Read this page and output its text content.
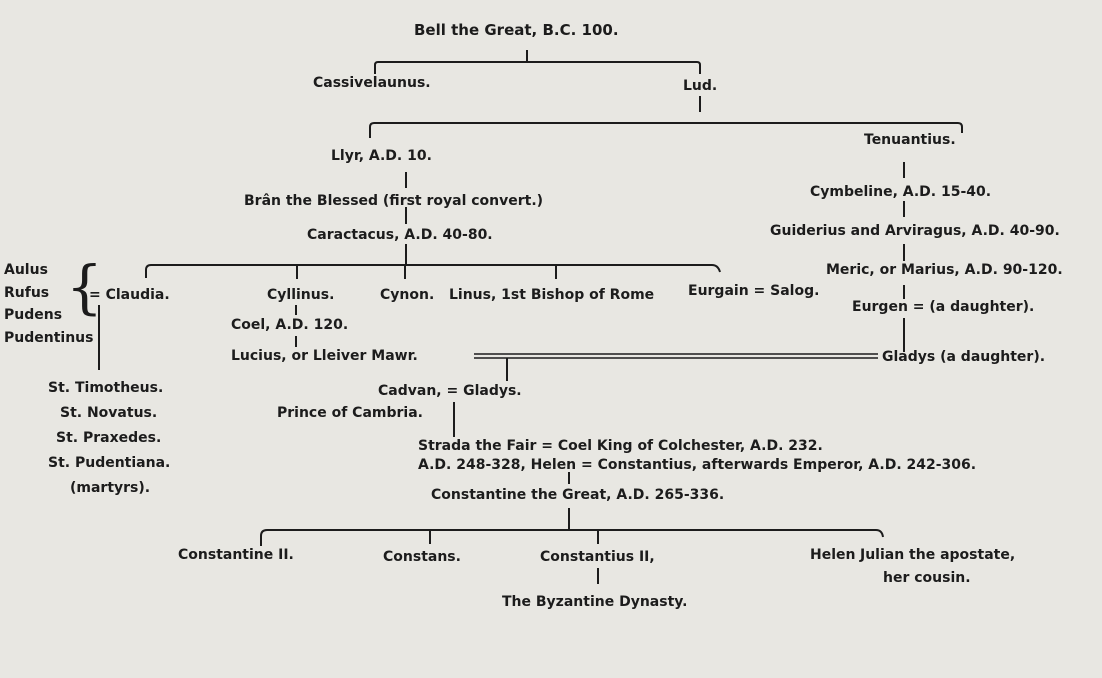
Bell the Great, B.C. 100.
Cassivelaunus.	Lud.
Llyr, A.D. 10.
Brân the Blessed (first royal convert.)
Caractacus, A.D. 40-80.
Tenuantius.
Cymbeline, A.D. 15-40.
Guiderius and Arviragus, A.D. 40-90.
Meric, or Marius, A.D. 90-120.
Eurgen = (a daughter).
Aulus
Rufus
Pudens
Pudentinus
{
= Claudia.	Cyllinus.	Cynon. Linus, 1st Bishop of Rome Eurgain = Salog.
Coel, A.D. 120.
Lucius, or Lleiver Mawr.	Gladys (a daughter).
St. Timotheus.
St. Novatus.
St. Praxedes.
St. Pudentiana.
(martyrs).
Cadvan, = Gladys.
Prince of Cambria.
Strada the Fair = Coel King of Colchester, A.D. 232.
A.D. 248-328, Helen = Constantius, afterwards Emperor, A.D. 242-306.
Constantine the Great, A.D. 265-336.
Constantine II.	Constans.	Constantius II,	Helen Julian the apostate,
her cousin.
The Byzantine Dynasty.
